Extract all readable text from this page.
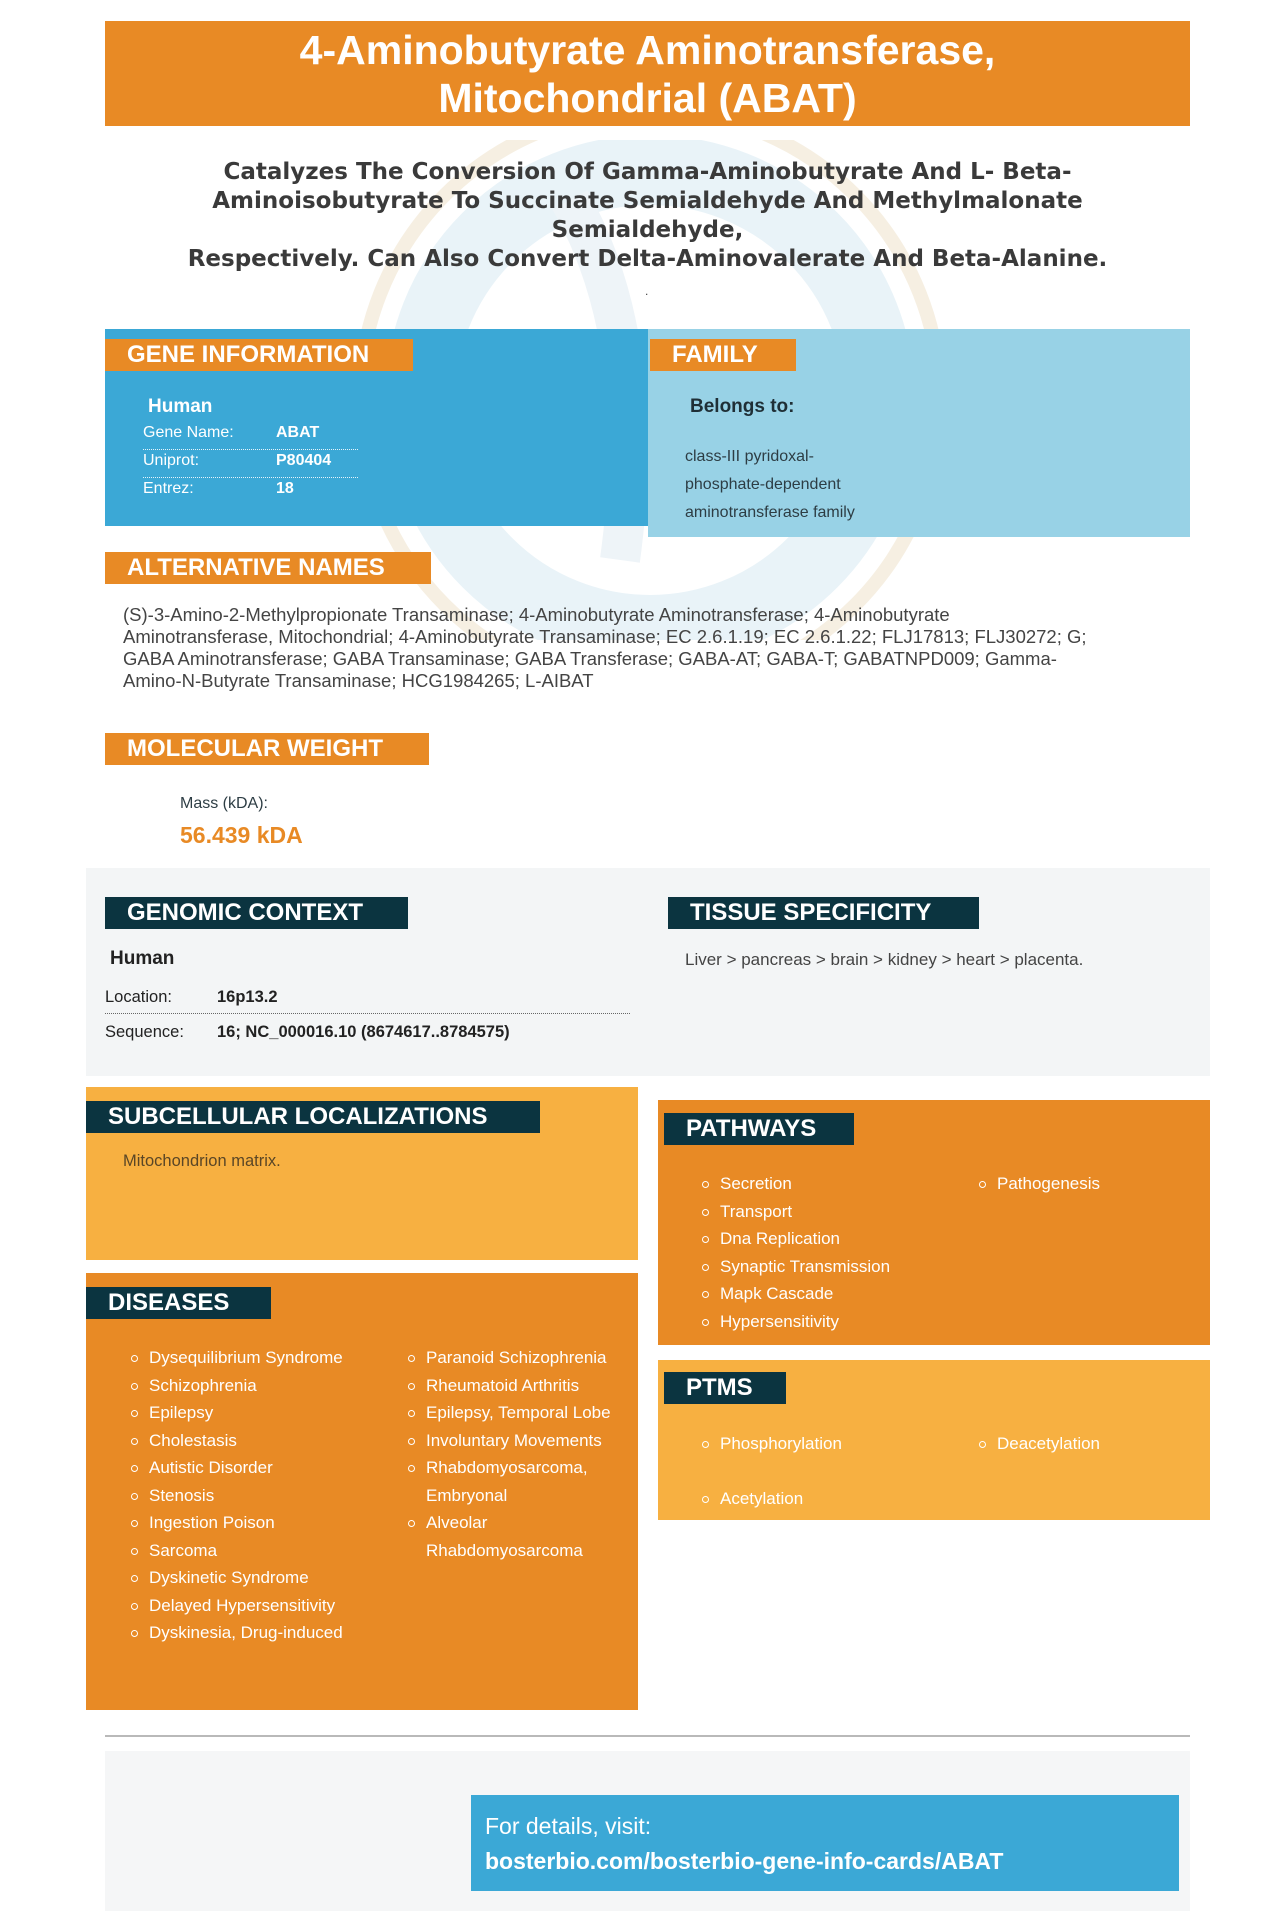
4-Aminobutyrate Aminotransferase,
Mitochondrial (ABAT)
Catalyzes The Conversion Of Gamma-Aminobutyrate And L- Beta-
Aminoisobutyrate To Succinate Semialdehyde And Methylmalonate Semialdehyde,
Respectively. Can Also Convert Delta-Aminovalerate And Beta-Alanine.
.
GENE INFORMATION
Human
Gene Name:	ABAT
Uniprot:	P80404
Entrez:	18
FAMILY
Belongs to:
class-III pyridoxal-
phosphate-dependent
aminotransferase family
ALTERNATIVE NAMES
(S)-3-Amino-2-Methylpropionate Transaminase; 4-Aminobutyrate Aminotransferase; 4-Aminobutyrate
Aminotransferase, Mitochondrial; 4-Aminobutyrate Transaminase; EC 2.6.1.19; EC 2.6.1.22; FLJ17813; FLJ30272; G;
GABA Aminotransferase; GABA Transaminase; GABA Transferase; GABA-AT; GABA-T; GABATNPD009; Gamma-
Amino-N-Butyrate Transaminase; HCG1984265; L-AIBAT
MOLECULAR WEIGHT
Mass (kDA):
56.439 kDA
GENOMIC CONTEXT
Human
Location:	16p13.2
Sequence:	16; NC_000016.10 (8674617..8784575)
TISSUE SPECIFICITY
Liver > pancreas > brain > kidney > heart > placenta.
SUBCELLULAR LOCALIZATIONS
Mitochondrion matrix.
DISEASES
Dysequilibrium Syndrome
Schizophrenia
Epilepsy
Cholestasis
Autistic Disorder
Stenosis
Ingestion Poison
Sarcoma
Dyskinetic Syndrome
Delayed Hypersensitivity
Dyskinesia, Drug-induced
Paranoid Schizophrenia
Rheumatoid Arthritis
Epilepsy, Temporal Lobe
Involuntary Movements
Rhabdomyosarcoma, Embryonal
Alveolar Rhabdomyosarcoma
PATHWAYS
Secretion
Transport
Dna Replication
Synaptic Transmission
Mapk Cascade
Hypersensitivity
Pathogenesis
PTMS
Phosphorylation
Acetylation
Deacetylation
For details, visit:
bosterbio.com/bosterbio-gene-info-cards/ABAT
